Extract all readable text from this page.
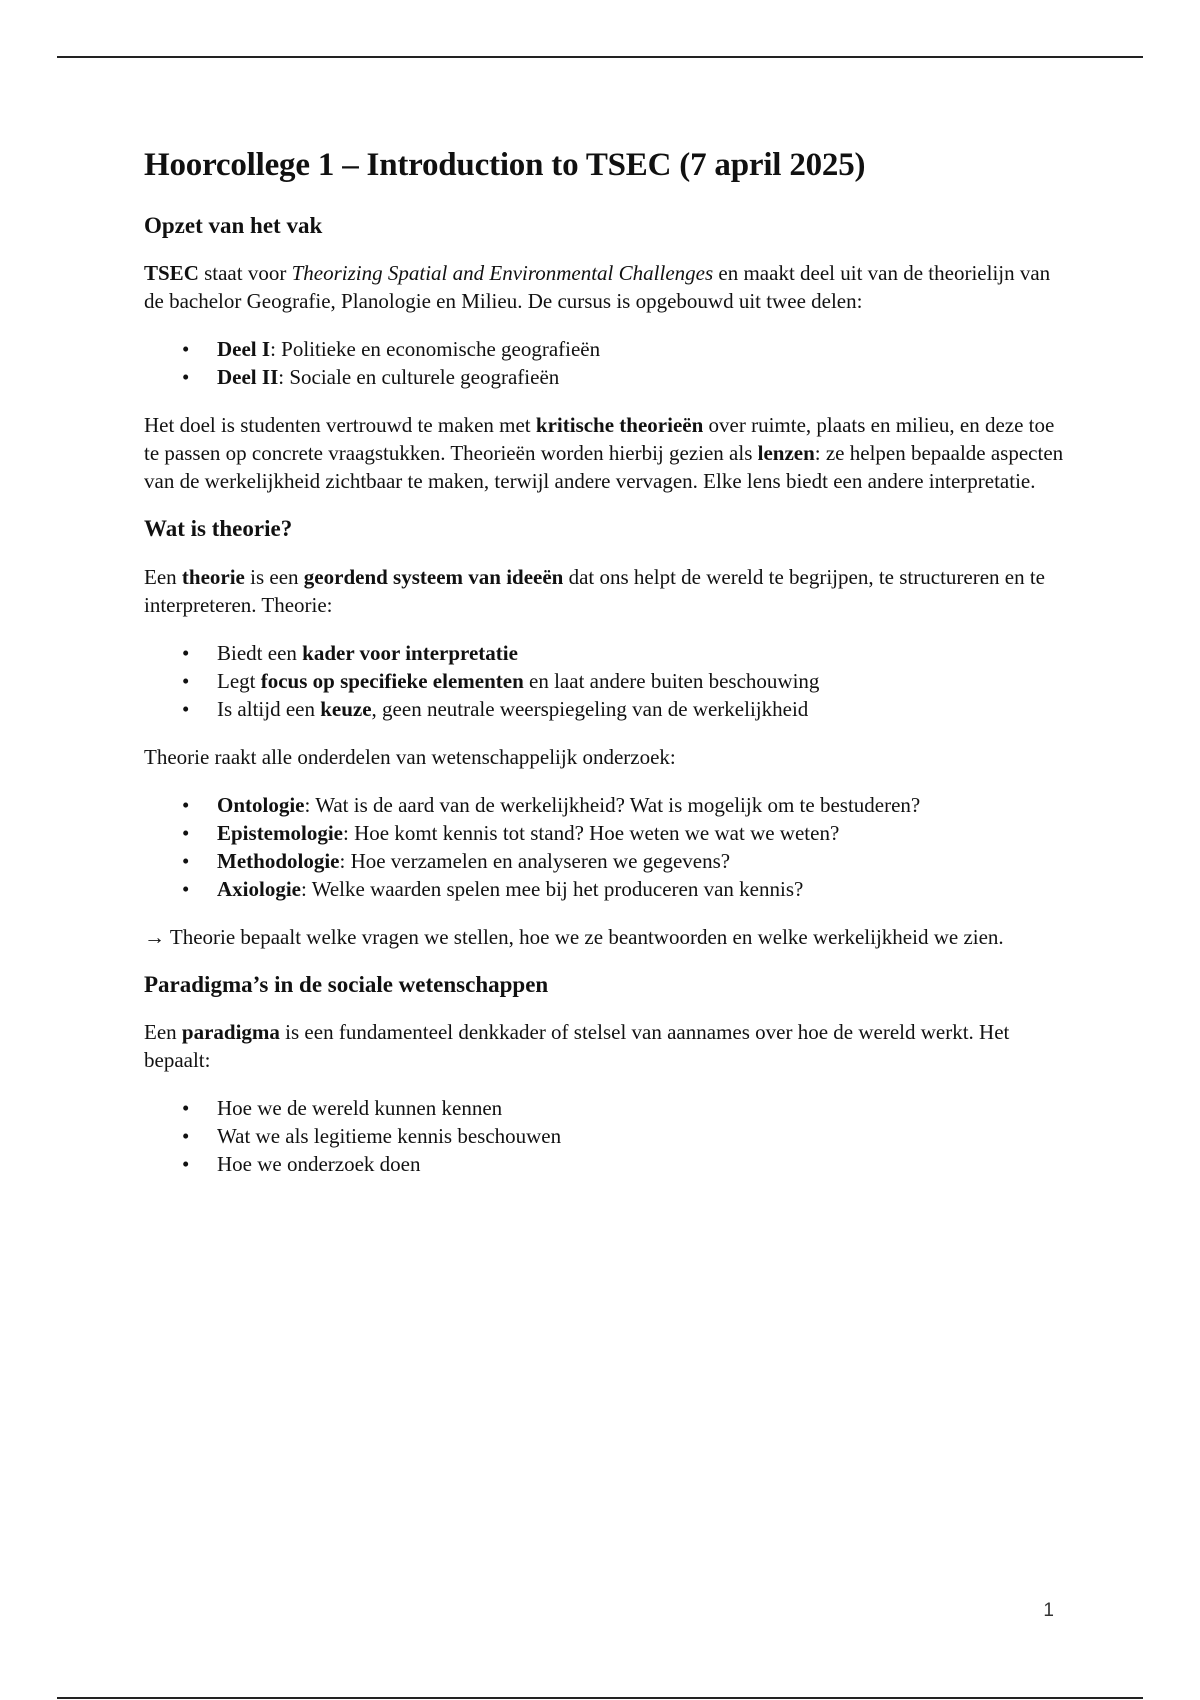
Hoorcollege 1 – Introduction to TSEC (7 april 2025)
Opzet van het vak

TSEC staat voor Theorizing Spatial and Environmental Challenges en maakt deel uit van de theorielijn van de bachelor Geografie, Planologie en Milieu. De cursus is opgebouwd uit twee delen:

• Deel I: Politieke en economische geografieën
• Deel II: Sociale en culturele geografieën

Het doel is studenten vertrouwd te maken met kritische theorieën over ruimte, plaats en milieu, en deze toe te passen op concrete vraagstukken. Theorieën worden hierbij gezien als lenzen: ze helpen bepaalde aspecten van de werkelijkheid zichtbaar te maken, terwijl andere vervagen. Elke lens biedt een andere interpretatie.

Wat is theorie?

Een theorie is een geordend systeem van ideeën dat ons helpt de wereld te begrijpen, te structureren en te interpreteren. Theorie:

• Biedt een kader voor interpretatie
• Legt focus op specifieke elementen en laat andere buiten beschouwing
• Is altijd een keuze, geen neutrale weerspiegeling van de werkelijkheid

Theorie raakt alle onderdelen van wetenschappelijk onderzoek:

• Ontologie: Wat is de aard van de werkelijkheid? Wat is mogelijk om te bestuderen?
• Epistemologie: Hoe komt kennis tot stand? Hoe weten we wat we weten?
• Methodologie: Hoe verzamelen en analyseren we gegevens?
• Axiologie: Welke waarden spelen mee bij het produceren van kennis?

→ Theorie bepaalt welke vragen we stellen, hoe we ze beantwoorden en welke werkelijkheid we zien.

Paradigma’s in de sociale wetenschappen

Een paradigma is een fundamenteel denkkader of stelsel van aannames over hoe de wereld werkt. Het bepaalt:

• Hoe we de wereld kunnen kennen
• Wat we als legitieme kennis beschouwen
• Hoe we onderzoek doen
1
